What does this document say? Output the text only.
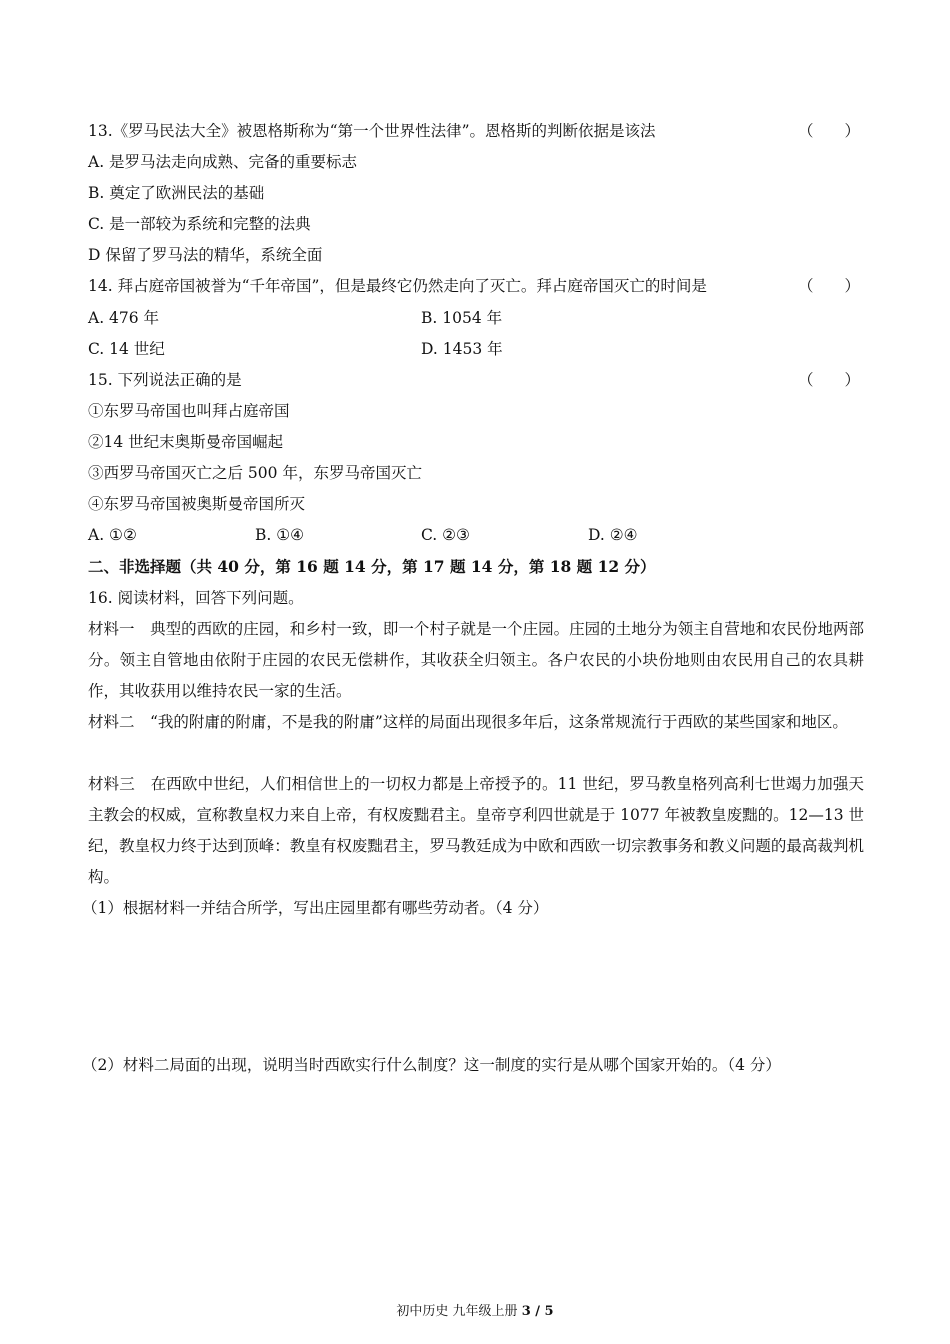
13.《罗马民法大全》被恩格斯称为“第一个世界性法律”。恩格斯的判断依据是该法	（　　）
A. 是罗马法走向成熟、完备的重要标志
B. 奠定了欧洲民法的基础
C. 是一部较为系统和完整的法典
D 保留了罗马法的精华，系统全面
14. 拜占庭帝国被誉为“千年帝国”，但是最终它仍然走向了灭亡。拜占庭帝国灭亡的时间是	（　　）
A. 476 年	B. 1054 年
C. 14 世纪	D. 1453 年
15. 下列说法正确的是	（　　）
①东罗马帝国也叫拜占庭帝国
②14 世纪末奥斯曼帝国崛起
③西罗马帝国灭亡之后 500 年，东罗马帝国灭亡
④东罗马帝国被奥斯曼帝国所灭
A. ①②	B. ①④	C. ②③	D. ②④
二、非选择题（共 40 分，第 16 题 14 分，第 17 题 14 分，第 18 题 12 分）
16. 阅读材料，回答下列问题。
材料一　典型的西欧的庄园，和乡村一致，即一个村子就是一个庄园。庄园的土地分为领主自营地和农民份地两部分。领主自管地由依附于庄园的农民无偿耕作，其收获全归领主。各户农民的小块份地则由农民用自己的农具耕作，其收获用以维持农民一家的生活。
材料二　“我的附庸的附庸，不是我的附庸”这样的局面出现很多年后，这条常规流行于西欧的某些国家和地区。
材料三　在西欧中世纪，人们相信世上的一切权力都是上帝授予的。11 世纪，罗马教皇格列高利七世竭力加强天主教会的权威，宣称教皇权力来自上帝，有权废黜君主。皇帝亨利四世就是于 1077 年被教皇废黜的。12—13 世纪，教皇权力终于达到顶峰：教皇有权废黜君主，罗马教廷成为中欧和西欧一切宗教事务和教义问题的最高裁判机构。
（1）根据材料一并结合所学，写出庄园里都有哪些劳动者。（4 分）
（2）材料二局面的出现，说明当时西欧实行什么制度？这一制度的实行是从哪个国家开始的。（4 分）
初中历史 九年级上册 3 / 5
